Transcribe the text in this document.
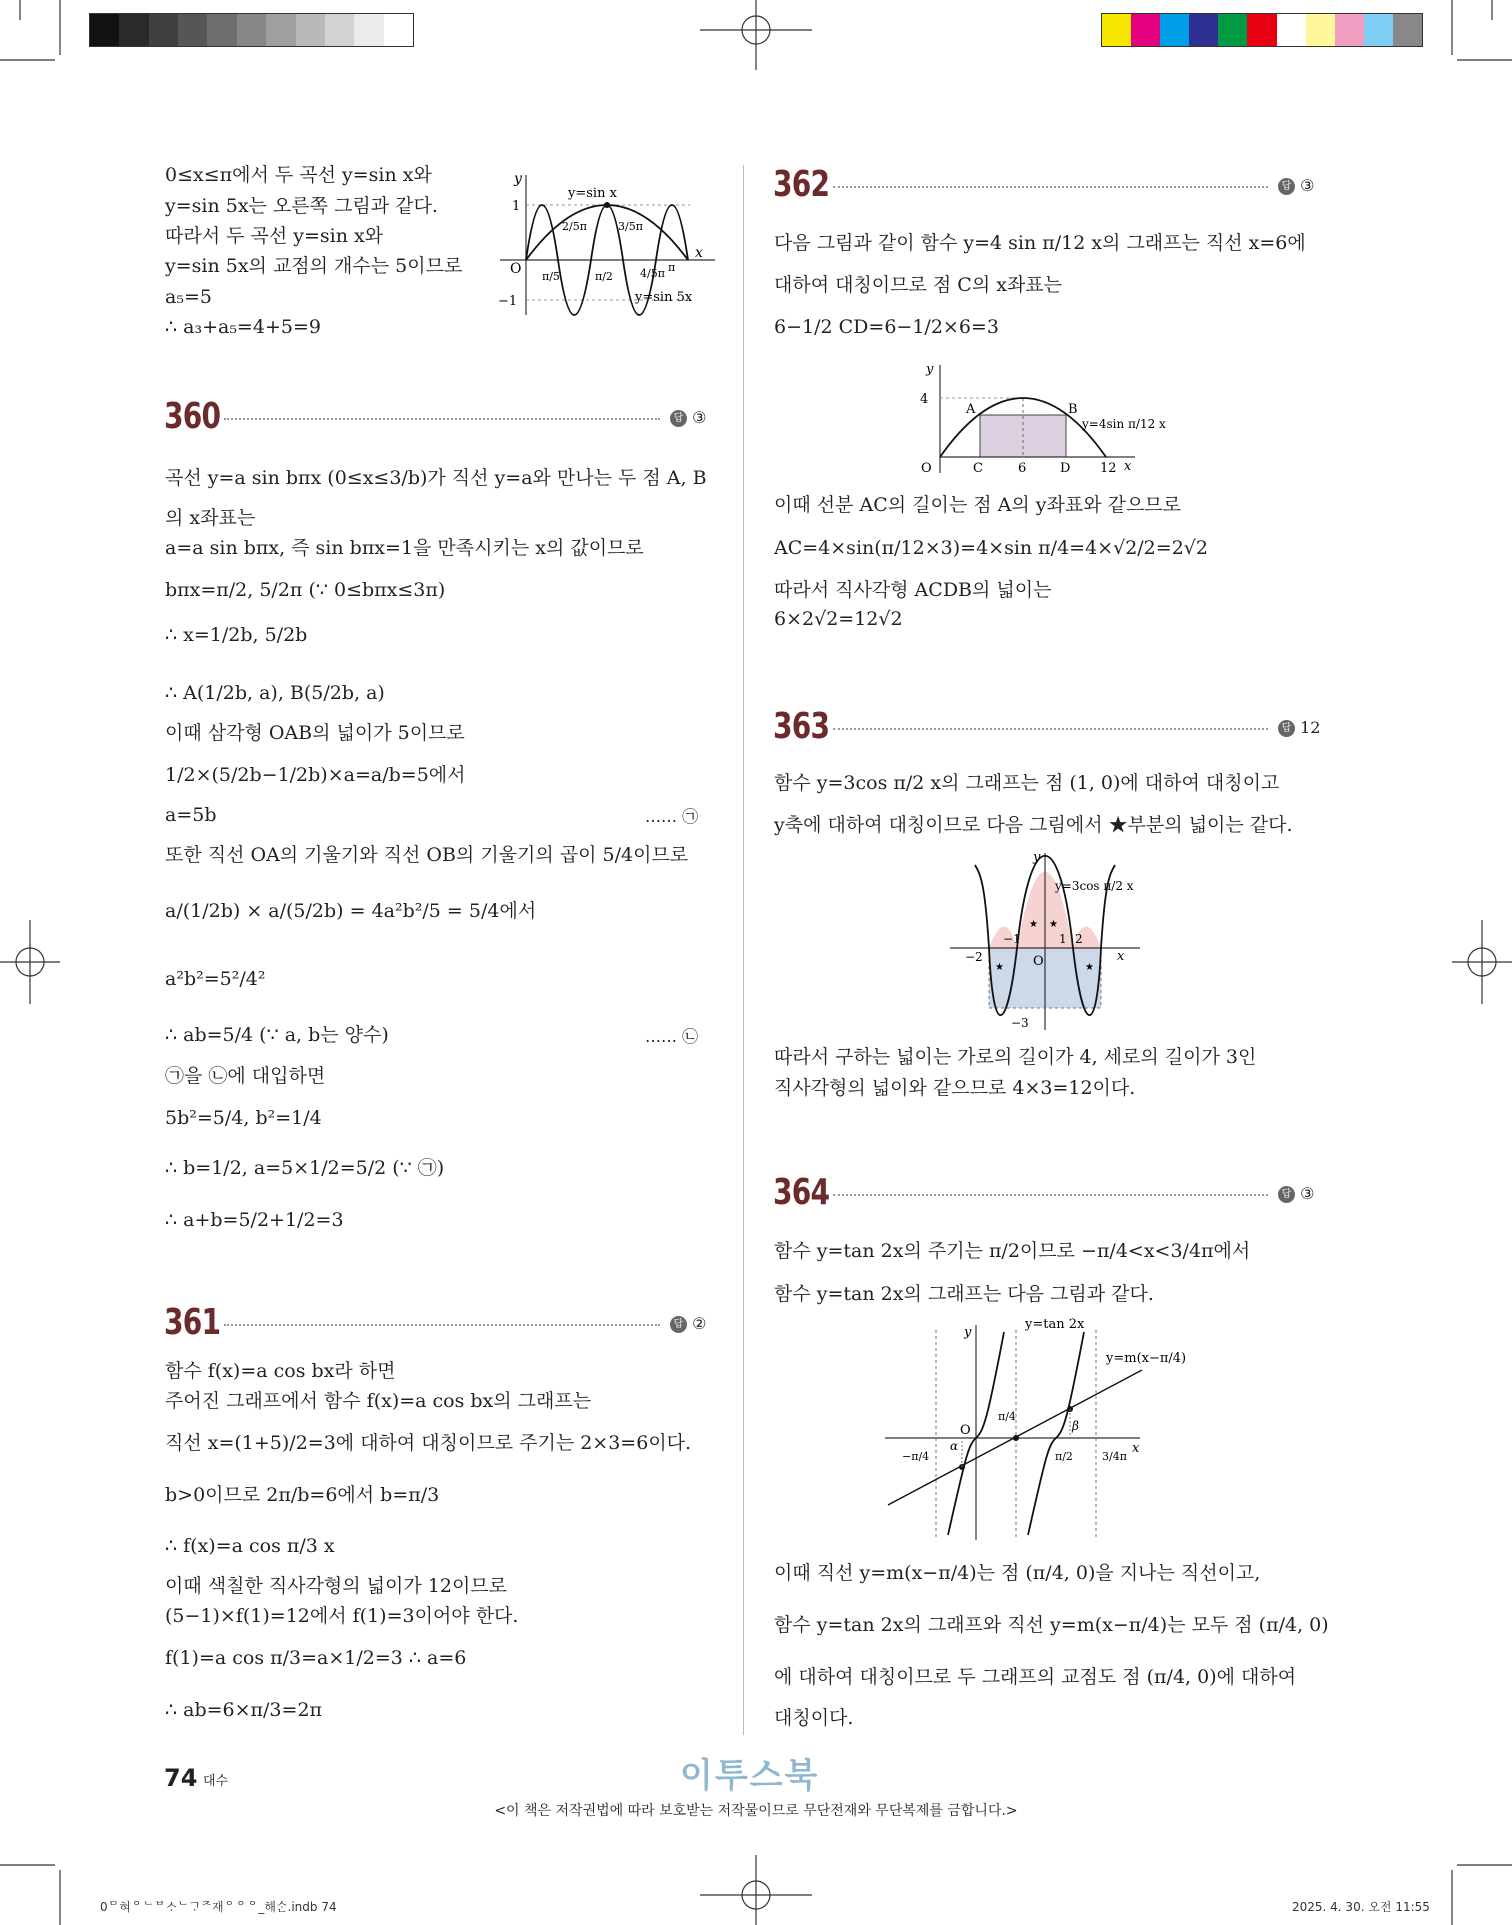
0≤x≤π에서 두 곡선 y=sin x와
y=sin 5x는 오른쪽 그림과 같다.
따라서 두 곡선 y=sin x와
y=sin 5x의 교점의 개수는 5이므로
a₅=5
∴ a₃+a₅=4+5=9
y
x
O
1
−1
y=sin x
y=sin 5x
π/5	π/2
2/5π	3/5π
4/5π π
360	답 ③
곡선 y=a sin bπx (0≤x≤3/b)가 직선 y=a와 만나는 두 점 A, B
의 x좌표는
a=a sin bπx, 즉 sin bπx=1을 만족시키는 x의 값이므로
bπx=π/2, 5/2π (∵ 0≤bπx≤3π)
∴ x=1/2b, 5/2b
∴ A(1/2b, a), B(5/2b, a)
이때 삼각형 OAB의 넓이가 5이므로
1/2×(5/2b−1/2b)×a=a/b=5에서
a=5b	…… ㉠
또한 직선 OA의 기울기와 직선 OB의 기울기의 곱이 5/4이므로
a/(1/2b) × a/(5/2b) = 4a²b²/5 = 5/4에서
a²b²=5²/4²
∴ ab=5/4 (∵ a, b는 양수)	…… ㉡
㉠을 ㉡에 대입하면
5b²=5/4, b²=1/4
∴ b=1/2, a=5×1/2=5/2 (∵ ㉠)
∴ a+b=5/2+1/2=3
361	답 ②
함수 f(x)=a cos bx라 하면
주어진 그래프에서 함수 f(x)=a cos bx의 그래프는
직선 x=(1+5)/2=3에 대하여 대칭이므로 주기는 2×3=6이다.
b>0이므로 2π/b=6에서 b=π/3
∴ f(x)=a cos π/3 x
이때 색칠한 직사각형의 넓이가 12이므로
(5−1)×f(1)=12에서 f(1)=3이어야 한다.
f(1)=a cos π/3=a×1/2=3 ∴ a=6
∴ ab=6×π/3=2π
362	답 ③
다음 그림과 같이 함수 y=4 sin π/12 x의 그래프는 직선 x=6에
대하여 대칭이므로 점 C의 x좌표는
6−1/2 CD=6−1/2×6=3
이때 선분 AC의 길이는 점 A의 y좌표와 같으므로
AC=4×sin(π/12×3)=4×sin π/4=4×√2/2=2√2
따라서 직사각형 ACDB의 넓이는
6×2√2=12√2
y
x
4
O	C	6	D 12
A	B
y=4sin π/12 x
363	답 12
함수 y=3cos π/2 x의 그래프는 점 (1, 0)에 대하여 대칭이고
y축에 대하여 대칭이므로 다음 그림에서 ★부분의 넓이는 같다.
따라서 구하는 넓이는 가로의 길이가 4, 세로의 길이가 3인
직사각형의 넓이와 같으므로 4×3=12이다.
y
x
y=3cos π/2 x
O
−1
−2
1 2
−3
★ ★
★	★
364	답 ③
함수 y=tan 2x의 주기는 π/2이므로 −π/4<x<3/4π에서
함수 y=tan 2x의 그래프는 다음 그림과 같다.
이때 직선 y=m(x−π/4)는 점 (π/4, 0)을 지나는 직선이고,
함수 y=tan 2x의 그래프와 직선 y=m(x−π/4)는 모두 점 (π/4, 0)
에 대하여 대칭이므로 두 그래프의 교점도 점 (π/4, 0)에 대하여
대칭이다.
y
x
O
y=tan 2x
y=m(x−π/4)
−π/4
π/4
π/2	3/4π
α
β
74 대수	이투스북
<이 책은 저작권법에 따라 보호받는 저작물이므로 무단전재와 무단복제를 금합니다.>
0ᄆ혀ᄋᄂᄇᄉᆞᄂᄀᆞᄌ재ᄋᄋᄋ_해ᄉᆞᆫ.indb 74	2025. 4. 30. 오전 11:55
